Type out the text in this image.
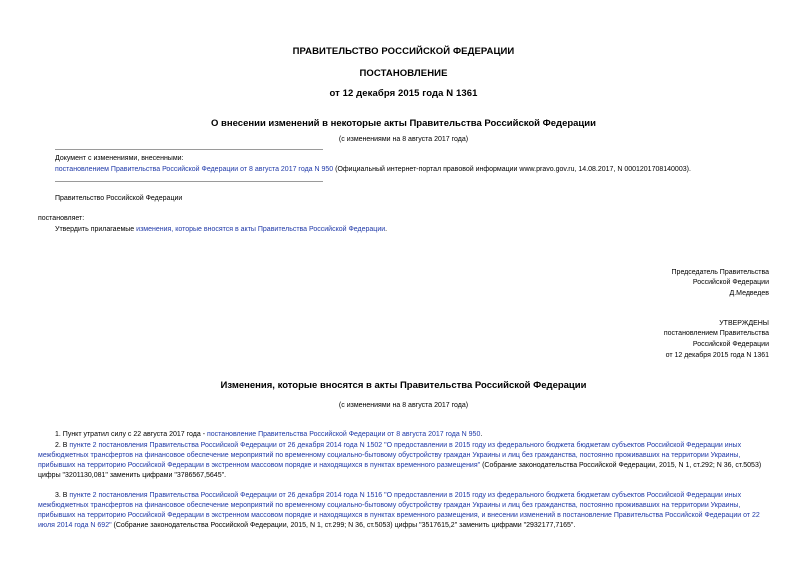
ПРАВИТЕЛЬСТВО РОССИЙСКОЙ ФЕДЕРАЦИИ
ПОСТАНОВЛЕНИЕ
от 12 декабря 2015 года N 1361
О внесении изменений в некоторые акты Правительства Российской Федерации
(с изменениями на 8 августа 2017 года)
Документ с изменениями, внесенными:
постановлением Правительства Российской Федерации от 8 августа 2017 года N 950 (Официальный интернет-портал правовой информации www.pravo.gov.ru, 14.08.2017, N 0001201708140003).
Правительство Российской Федерации
постановляет:
Утвердить прилагаемые изменения, которые вносятся в акты Правительства Российской Федерации.
Председатель Правительства
Российской Федерации
Д.Медведев
УТВЕРЖДЕНЫ
постановлением Правительства
Российской Федерации
от 12 декабря 2015 года N 1361
Изменения, которые вносятся в акты Правительства Российской Федерации
(с изменениями на 8 августа 2017 года)
1. Пункт утратил силу с 22 августа 2017 года - постановление Правительства Российской Федерации от 8 августа 2017 года N 950.
2. В пункте 2 постановления Правительства Российской Федерации от 26 декабря 2014 года N 1502 "О предоставлении в 2015 году из федерального бюджета бюджетам субъектов Российской Федерации иных межбюджетных трансфертов на финансовое обеспечение мероприятий по временному социально-бытовому обустройству граждан Украины и лиц без гражданства, постоянно проживавших на территории Украины, прибывших на территорию Российской Федерации в экстренном массовом порядке и находящихся в пунктах временного размещения" (Собрание законодательства Российской Федерации, 2015, N 1, ст.292; N 36, ст.5053) цифры "3201130,081" заменить цифрами "3786567,5645".
3. В пункте 2 постановления Правительства Российской Федерации от 26 декабря 2014 года N 1516 "О предоставлении в 2015 году из федерального бюджета бюджетам субъектов Российской Федерации иных межбюджетных трансфертов на финансовое обеспечение мероприятий по временному социально-бытовому обустройству граждан Украины и лиц без гражданства, постоянно проживавших на территории Украины, прибывших на территорию Российской Федерации в экстренном массовом порядке и находящихся в пунктах временного размещения, и внесении изменений в постановление Правительства Российской Федерации от 22 июля 2014 года N 692" (Собрание законодательства Российской Федерации, 2015, N 1, ст.299; N 36, ст.5053) цифры "3517615,2" заменить цифрами "2932177,7165".
